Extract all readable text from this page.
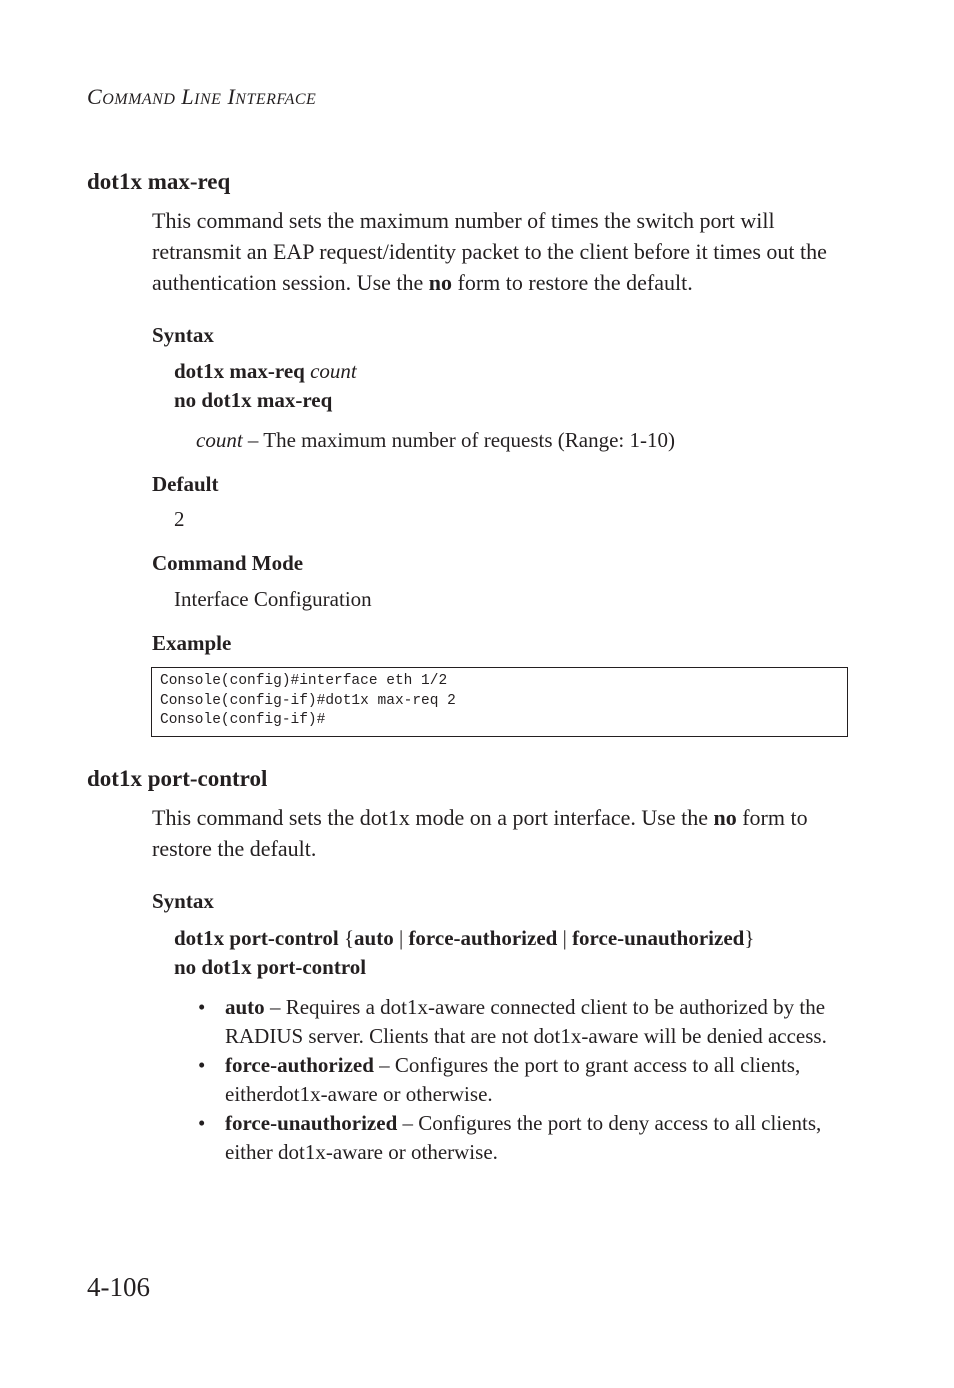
COMMAND LINE INTERFACE
dot1x max-req
This command sets the maximum number of times the switch port will retransmit an EAP request/identity packet to the client before it times out the authentication session. Use the no form to restore the default.
Syntax
dot1x max-req count
no dot1x max-req
count – The maximum number of requests (Range: 1-10)
Default
2
Command Mode
Interface Configuration
Example
Console(config)#interface eth 1/2
Console(config-if)#dot1x max-req 2
Console(config-if)#
dot1x port-control
This command sets the dot1x mode on a port interface. Use the no form to restore the default.
Syntax
dot1x port-control {auto | force-authorized | force-unauthorized}
no dot1x port-control
• auto – Requires a dot1x-aware connected client to be authorized by the RADIUS server. Clients that are not dot1x-aware will be denied access.
• force-authorized – Configures the port to grant access to all clients, eitherdot1x-aware or otherwise.
• force-unauthorized – Configures the port to deny access to all clients, either dot1x-aware or otherwise.
4-106
